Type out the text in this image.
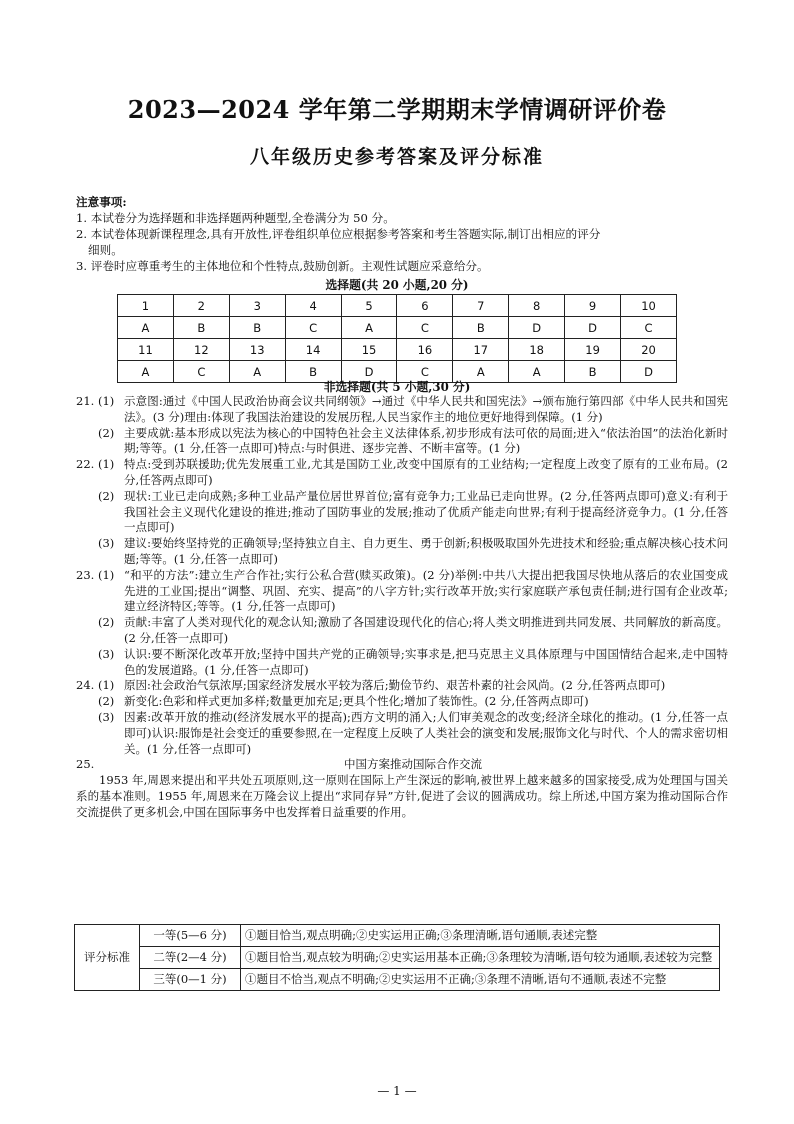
2023—2024 学年第二学期期末学情调研评价卷
八年级历史参考答案及评分标准

注意事项:

1. 本试卷分为选择题和非选择题两种题型,全卷满分为 50 分。

2. 本试卷体现新课程理念,具有开放性,评卷组织单位应根据参考答案和考生答题实际,制订出相应的评分

细则。

3. 评卷时应尊重考生的主体地位和个性特点,鼓励创新。主观性试题应采意给分。

选择题(共 20 小题,20 分)
1	2	3	4	5	6	7	8	9	10
A	B	B	C	A	C	B	D	D	C
11	12	13	14	15	16	17	18	19	20
A	C	A	B	D	C	A	A	B	D
非选择题(共 5 小题,30 分)
21. (1) 示意图:通过《中国人民政治协商会议共同纲领》→通过《中华人民共和国宪法》→颁布施行第四部《中华人民共和国宪法》。(3 分)理由:体现了我国法治建设的发展历程,人民当家作主的地位更好地得到保障。(1 分)
(2) 主要成就:基本形成以宪法为核心的中国特色社会主义法律体系,初步形成有法可依的局面;进入“依法治国”的法治化新时期;等等。(1 分,任答一点即可)特点:与时俱进、逐步完善、不断丰富等。(1 分)
22. (1) 特点:受到苏联援助;优先发展重工业,尤其是国防工业,改变中国原有的工业结构;一定程度上改变了原有的工业布局。(2 分,任答两点即可)
(2) 现状:工业已走向成熟;多种工业品产量位居世界首位;富有竞争力;工业品已走向世界。(2 分,任答两点即可)意义:有利于我国社会主义现代化建设的推进;推动了国防事业的发展;推动了优质产能走向世界;有利于提高经济竞争力。(1 分,任答一点即可)
(3) 建议:要始终坚持党的正确领导;坚持独立自主、自力更生、勇于创新;积极吸取国外先进技术和经验;重点解决核心技术问题;等等。(1 分,任答一点即可)
23. (1) “和平的方法”:建立生产合作社;实行公私合营(赎买政策)。(2 分)举例:中共八大提出把我国尽快地从落后的农业国变成先进的工业国;提出“调整、巩固、充实、提高”的八字方针;实行改革开放;实行家庭联产承包责任制;进行国有企业改革;建立经济特区;等等。(1 分,任答一点即可)
(2) 贡献:丰富了人类对现代化的观念认知;激励了各国建设现代化的信心;将人类文明推进到共同发展、共同解放的新高度。(2 分,任答一点即可)
(3) 认识:要不断深化改革开放;坚持中国共产党的正确领导;实事求是,把马克思主义具体原理与中国国情结合起来,走中国特色的发展道路。(1 分,任答一点即可)
24. (1) 原因:社会政治气氛浓厚;国家经济发展水平较为落后;勤俭节约、艰苦朴素的社会风尚。(2 分,任答两点即可)
(2) 新变化:色彩和样式更加多样;数量更加充足;更具个性化;增加了装饰性。(2 分,任答两点即可)
(3) 因素:改革开放的推动(经济发展水平的提高);西方文明的涌入;人们审美观念的改变;经济全球化的推动。(1 分,任答一点即可)认识:服饰是社会变迁的重要参照,在一定程度上反映了人类社会的演变和发展;服饰文化与时代、个人的需求密切相关。(1 分,任答一点即可)
25.	中国方案推动国际合作交流

1953 年,周恩来提出和平共处五项原则,这一原则在国际上产生深远的影响,被世界上越来越多的国家接受,成为处理国与国关系的基本准则。1955 年,周恩来在万隆会议上提出“求同存异”方针,促进了会议的圆满成功。综上所述,中国方案为推动国际合作交流提供了更多机会,中国在国际事务中也发挥着日益重要的作用。

评分标准	一等(5—6 分)	①题目恰当,观点明确;②史实运用正确;③条理清晰,语句通顺,表述完整
	二等(2—4 分)	①题目恰当,观点较为明确;②史实运用基本正确;③条理较为清晰,语句较为通顺,表述较为完整
	三等(0—1 分)	①题目不恰当,观点不明确;②史实运用不正确;③条理不清晰,语句不通顺,表述不完整
— 1 —
